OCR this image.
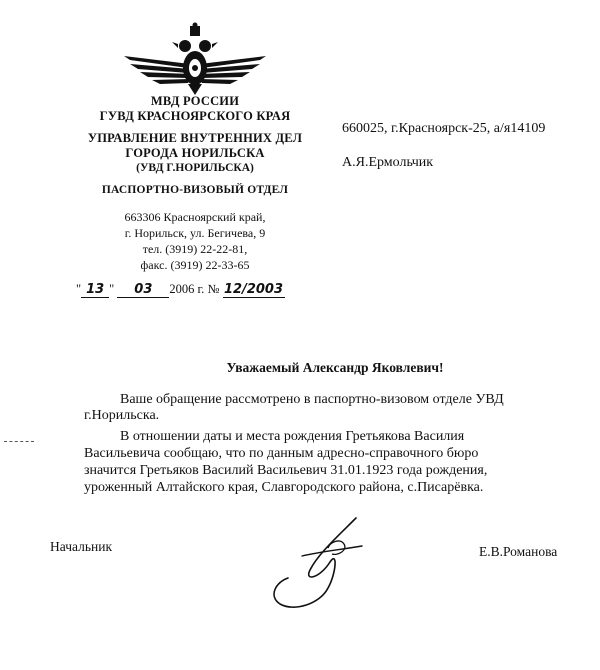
МВД РОССИИ
ГУВД КРАСНОЯРСКОГО КРАЯ
УПРАВЛЕНИЕ ВНУТРЕННИХ ДЕЛ
ГОРОДА НОРИЛЬСКА
(УВД Г.НОРИЛЬСКА)
ПАСПОРТНО-ВИЗОВЫЙ ОТДЕЛ
663306 Красноярский край,
г. Норильск, ул. Бегичева, 9
тел. (3919) 22-22-81,
факс. (3919) 22-33-65
" 13 " 03 2006 г. № 12/2003
660025, г.Красноярск-25, а/я14109
А.Я.Ермольчик
Уважаемый Александр Яковлевич!
Ваше обращение рассмотрено в паспортно-визовом отделе УВД
г.Норильска.
В отношении даты и места рождения Гретьякова Василия
Васильевича сообщаю, что по данным адресно-справочного бюро
значится Гретьяков Василий Васильевич 31.01.1923 года рождения,
уроженный Алтайского края, Славгородского района, с.Писарёвка.
Начальник	Е.В.Романова
